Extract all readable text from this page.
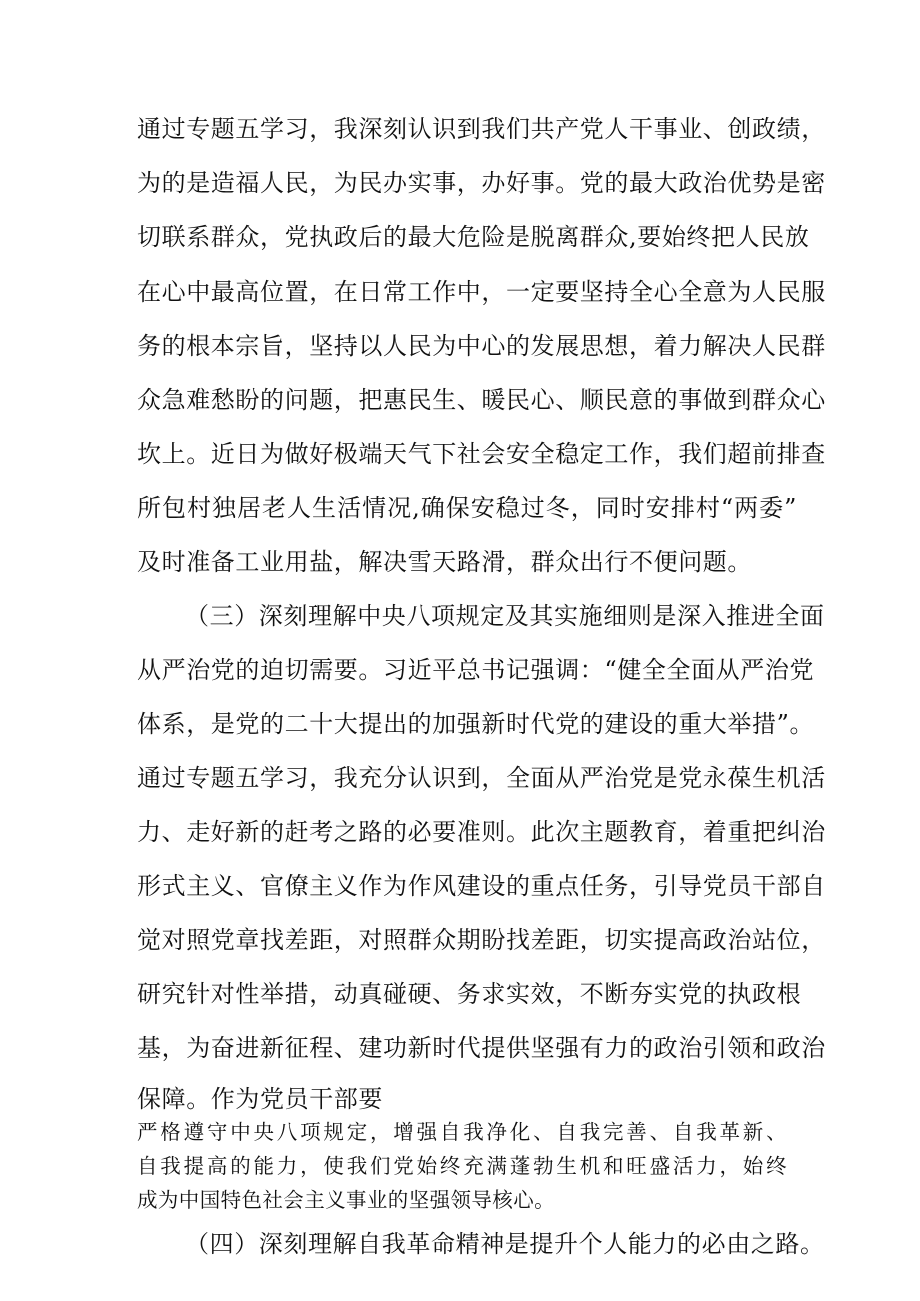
通过专题五学习，我深刻认识到我们共产党人干事业、创政绩，
为的是造福人民，为民办实事，办好事。党的最大政治优势是密
切联系群众，党执政后的最大危险是脱离群众,要始终把人民放
在心中最高位置，在日常工作中，一定要坚持全心全意为人民服
务的根本宗旨，坚持以人民为中心的发展思想，着力解决人民群
众急难愁盼的问题，把惠民生、暖民心、顺民意的事做到群众心
坎上。近日为做好极端天气下社会安全稳定工作，我们超前排查
所包村独居老人生活情况,确保安稳过冬，同时安排村“两委”
及时准备工业用盐，解决雪天路滑，群众出行不便问题。
（三）深刻理解中央八项规定及其实施细则是深入推进全面
从严治党的迫切需要。习近平总书记强调：“健全全面从严治党
体系，是党的二十大提出的加强新时代党的建设的重大举措”。
通过专题五学习，我充分认识到，全面从严治党是党永葆生机活
力、走好新的赶考之路的必要准则。此次主题教育，着重把纠治
形式主义、官僚主义作为作风建设的重点任务，引导党员干部自
觉对照党章找差距，对照群众期盼找差距，切实提高政治站位，
研究针对性举措，动真碰硬、务求实效，不断夯实党的执政根
基，为奋进新征程、建功新时代提供坚强有力的政治引领和政治
保障。作为党员干部要
严格遵守中央八项规定，增强自我净化、自我完善、自我革新、
自我提高的能力，使我们党始终充满蓬勃生机和旺盛活力，始终
成为中国特色社会主义事业的坚强领导核心。
（四）深刻理解自我革命精神是提升个人能力的必由之路。
